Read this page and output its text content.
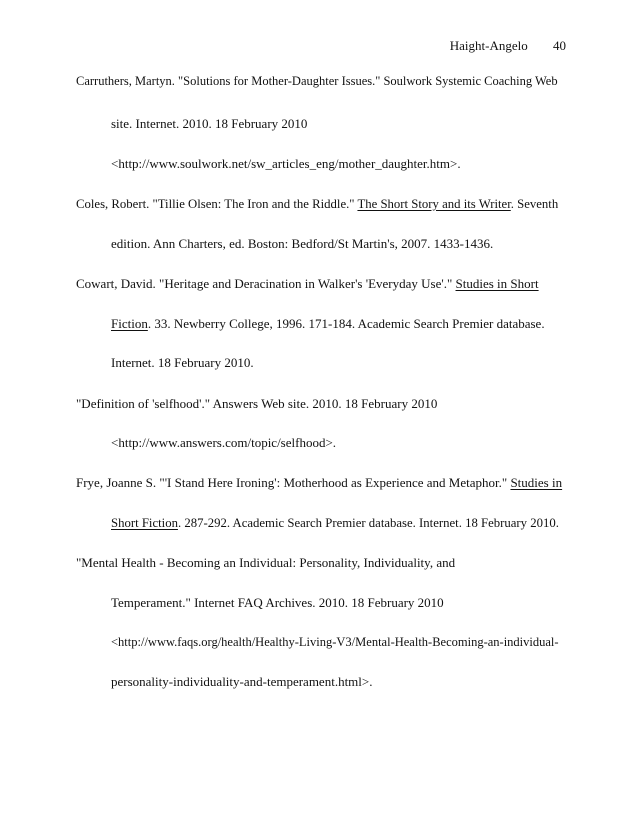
Haight-Angelo 40
Carruthers, Martyn. "Solutions for Mother-Daughter Issues." Soulwork Systemic Coaching Web
site. Internet. 2010. 18 February 2010
<http://www.soulwork.net/sw_articles_eng/mother_daughter.htm>.
Coles, Robert. "Tillie Olsen: The Iron and the Riddle." The Short Story and its Writer. Seventh
edition. Ann Charters, ed. Boston: Bedford/St Martin's, 2007. 1433-1436.
Cowart, David. "Heritage and Deracination in Walker's 'Everyday Use'." Studies in Short
Fiction. 33. Newberry College, 1996. 171-184. Academic Search Premier database.
Internet. 18 February 2010.
"Definition of 'selfhood'." Answers Web site. 2010. 18 February 2010
<http://www.answers.com/topic/selfhood>.
Frye, Joanne S. "'I Stand Here Ironing': Motherhood as Experience and Metaphor." Studies in
Short Fiction. 287-292. Academic Search Premier database. Internet. 18 February 2010.
"Mental Health - Becoming an Individual: Personality, Individuality, and
Temperament." Internet FAQ Archives. 2010. 18 February 2010
<http://www.faqs.org/health/Healthy-Living-V3/Mental-Health-Becoming-an-individual-
personality-individuality-and-temperament.html>.
